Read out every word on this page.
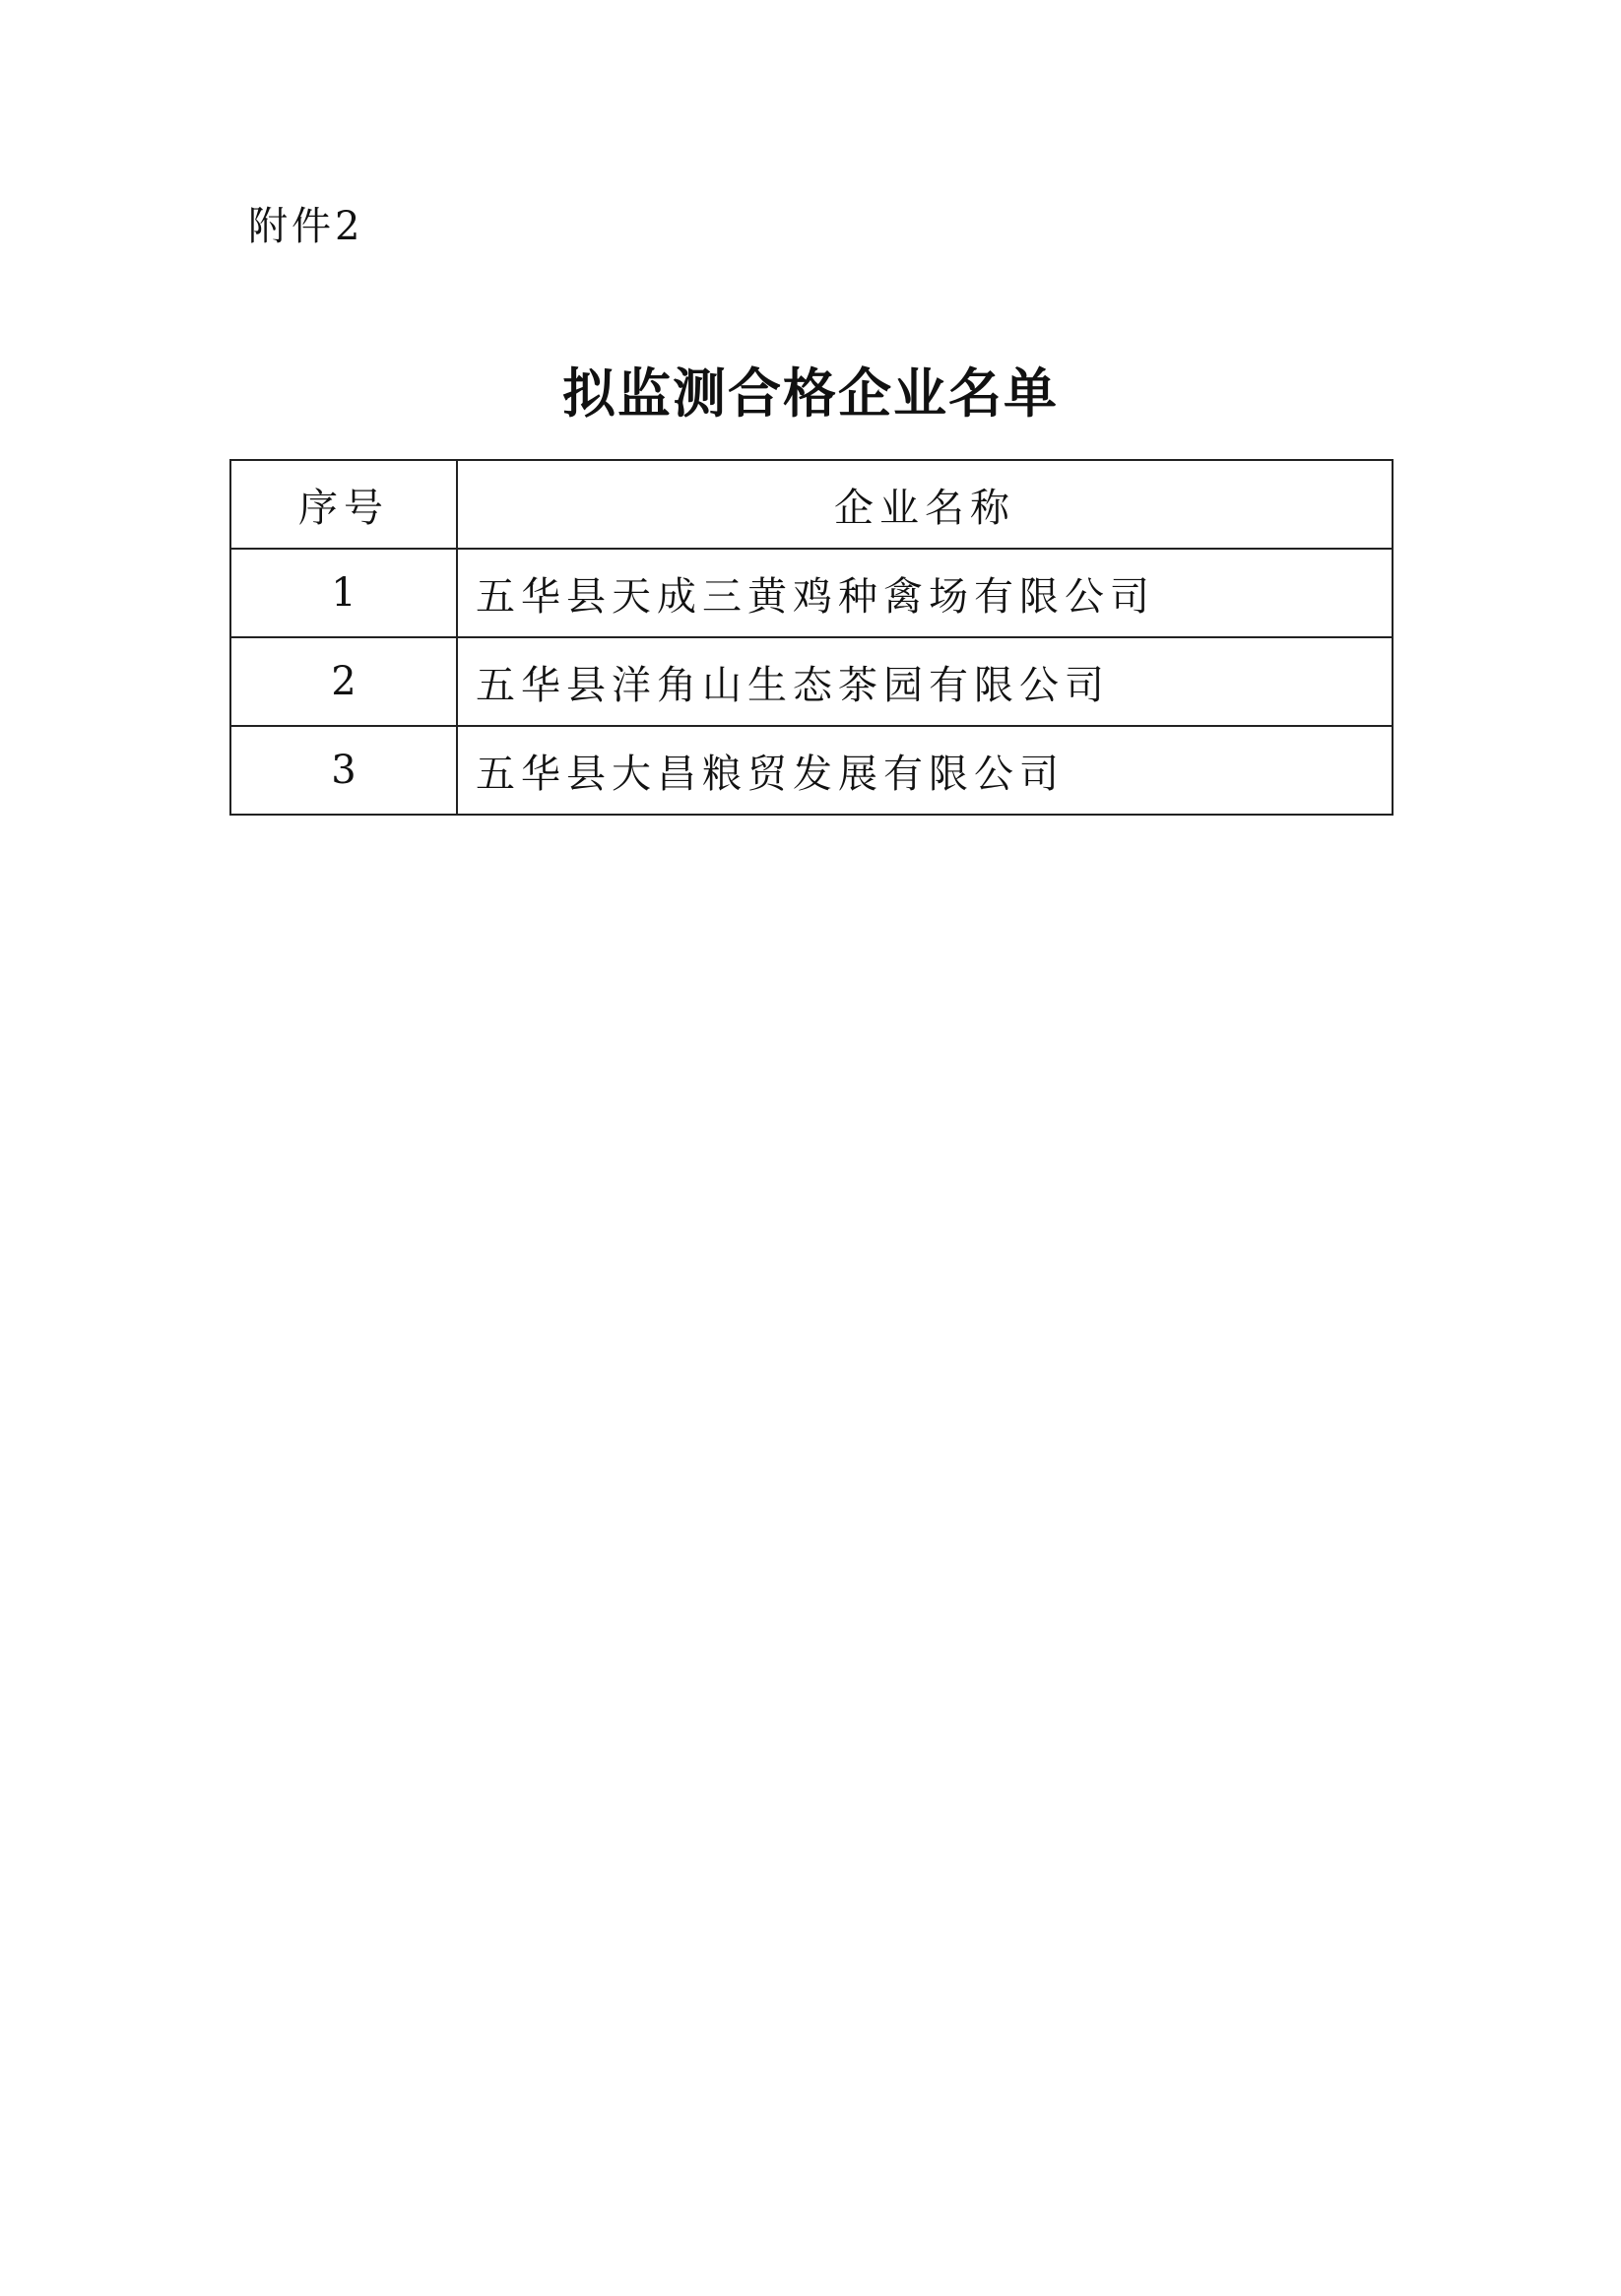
附件2
拟监测合格企业名单
序号	企业名称
1	五华县天成三黄鸡种禽场有限公司
2	五华县洋角山生态茶园有限公司
3	五华县大昌粮贸发展有限公司
